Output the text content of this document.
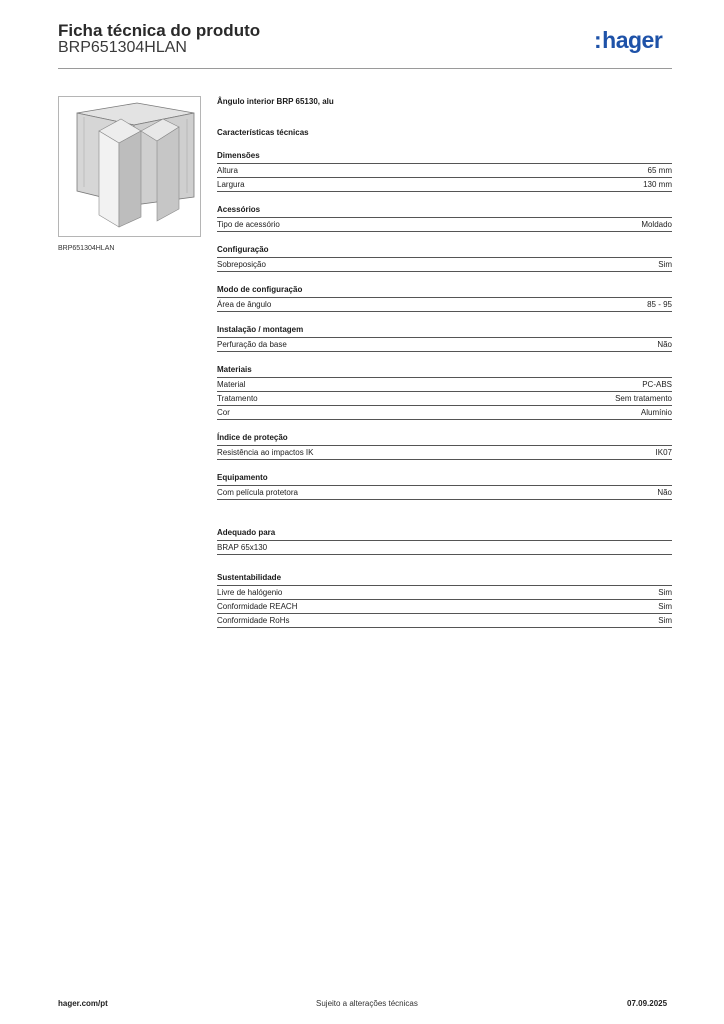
Ficha técnica do produto
BRP651304HLAN	:hager
BRP651304HLAN
Ângulo interior BRP 65130, alu
Características técnicas
Dimensões
Altura	65 mm
Largura	130 mm
Acessórios
Tipo de acessório	Moldado
Configuração
Sobreposição	Sim
Modo de configuração
Área de ângulo	85 - 95
Instalação / montagem
Perfuração da base	Não
Materiais
Material	PC-ABS
Tratamento	Sem tratamento
Cor	Alumínio
Índice de proteção
Resistência ao impactos IK	IK07
Equipamento
Com película protetora	Não
Adequado para
BRAP 65x130
Sustentabilidade
Livre de halógenio	Sim
Conformidade REACH	Sim
Conformidade RoHs	Sim
hager.com/pt	Sujeito a alterações técnicas	07.09.2025
